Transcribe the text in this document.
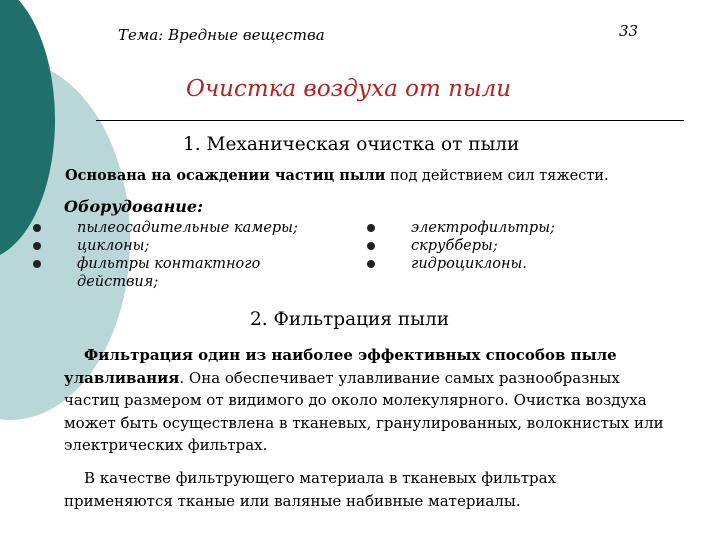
Тема: Вредные вещества	33
Очистка воздуха от пыли
1. Механическая очистка от пыли
Основана на осаждении частиц пыли под действием сил тяжести.
Оборудование:
пылеосадительные камеры;
циклоны;
фильтры контактного действия;
электрофильтры;
скрубберы;
гидроциклоны.
2. Фильтрация пыли

Фильтрация один из наиболее эффективных способов пыле улавливания. Она обеспечивает улавливание самых разнообразных частиц размером от видимого до около молекулярного. Очистка воздуха может быть осуществлена в тканевых, гранулированных, волокнистых или электрических фильтрах.

В качестве фильтрующего материала в тканевых фильтрах применяются тканые или валяные набивные материалы.
